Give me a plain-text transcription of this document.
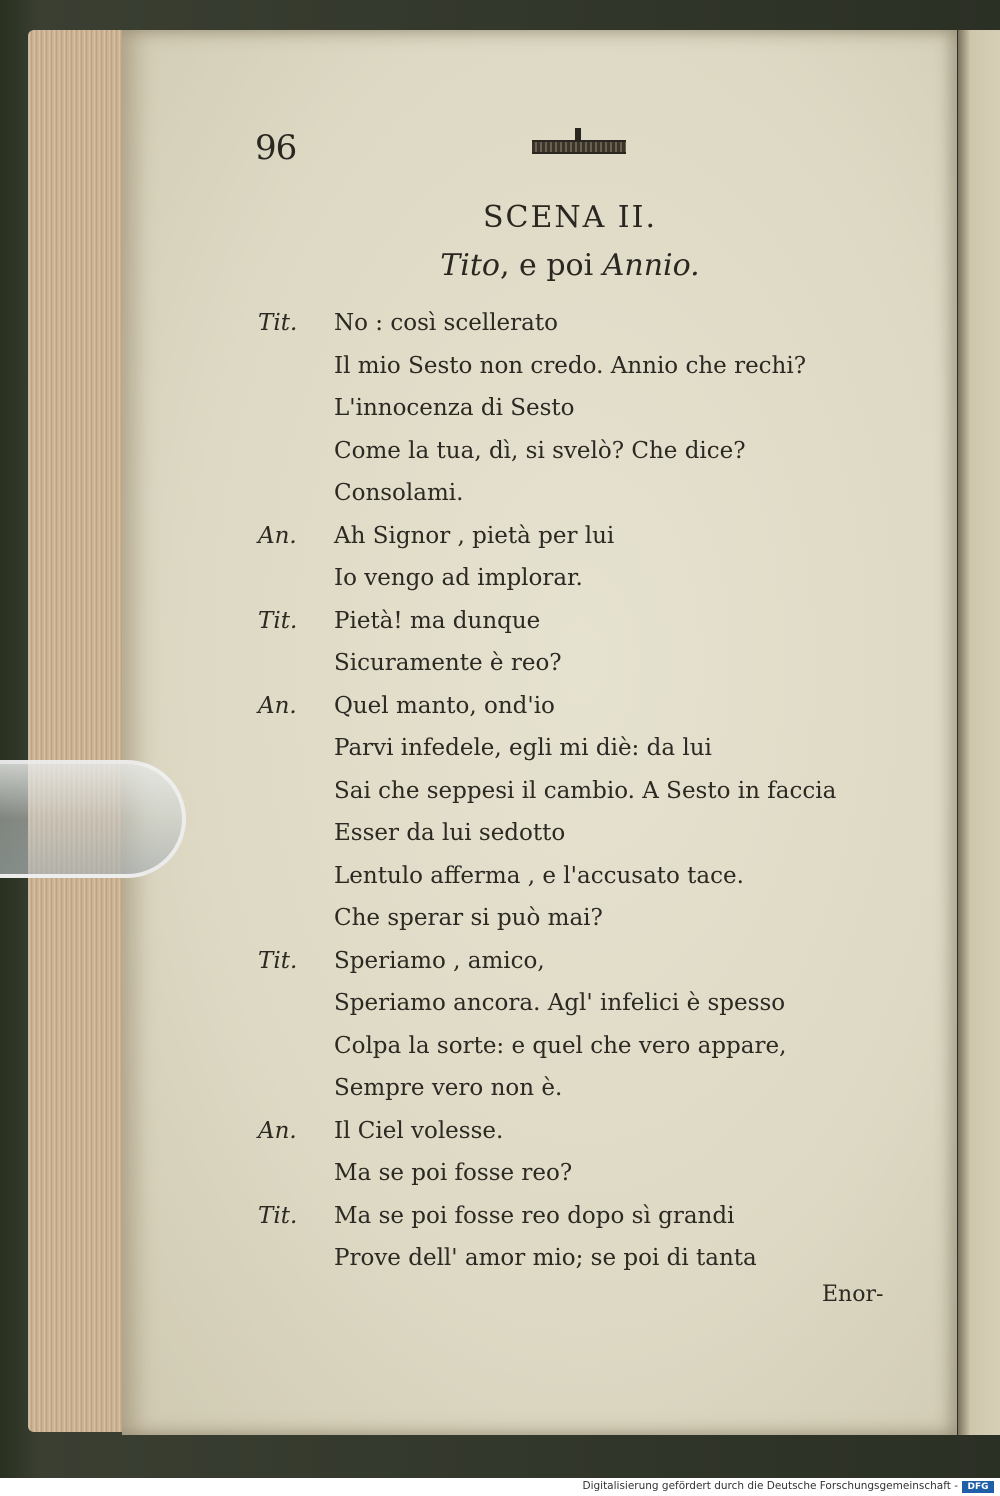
96
SCENA II.
Tito, e poi Annio.
Tit. No : così scellerato
Il mio Sesto non credo. Annio che rechi?
L'innocenza di Sesto
Come la tua, dì, si svelò? Che dice?
Consolami.
An. Ah Signor , pietà per lui
Io vengo ad implorar.
Tit. Pietà! ma dunque
Sicuramente è reo?
An. Quel manto, ond'io
Parvi infedele, egli mi diè: da lui
Sai che seppesi il cambio. A Sesto in faccia
Esser da lui sedotto
Lentulo afferma , e l'accusato tace.
Che sperar si può mai?
Tit. Speriamo , amico,
Speriamo ancora. Agl' infelici è spesso
Colpa la sorte: e quel che vero appare,
Sempre vero non è.
An. Il Ciel volesse.
Ma se poi fosse reo?
Tit. Ma se poi fosse reo dopo sì grandi
Prove dell' amor mio; se poi di tanta
Enor-
Digitalisierung gefördert durch die Deutsche Forschungsgemeinschaft -	DFG
